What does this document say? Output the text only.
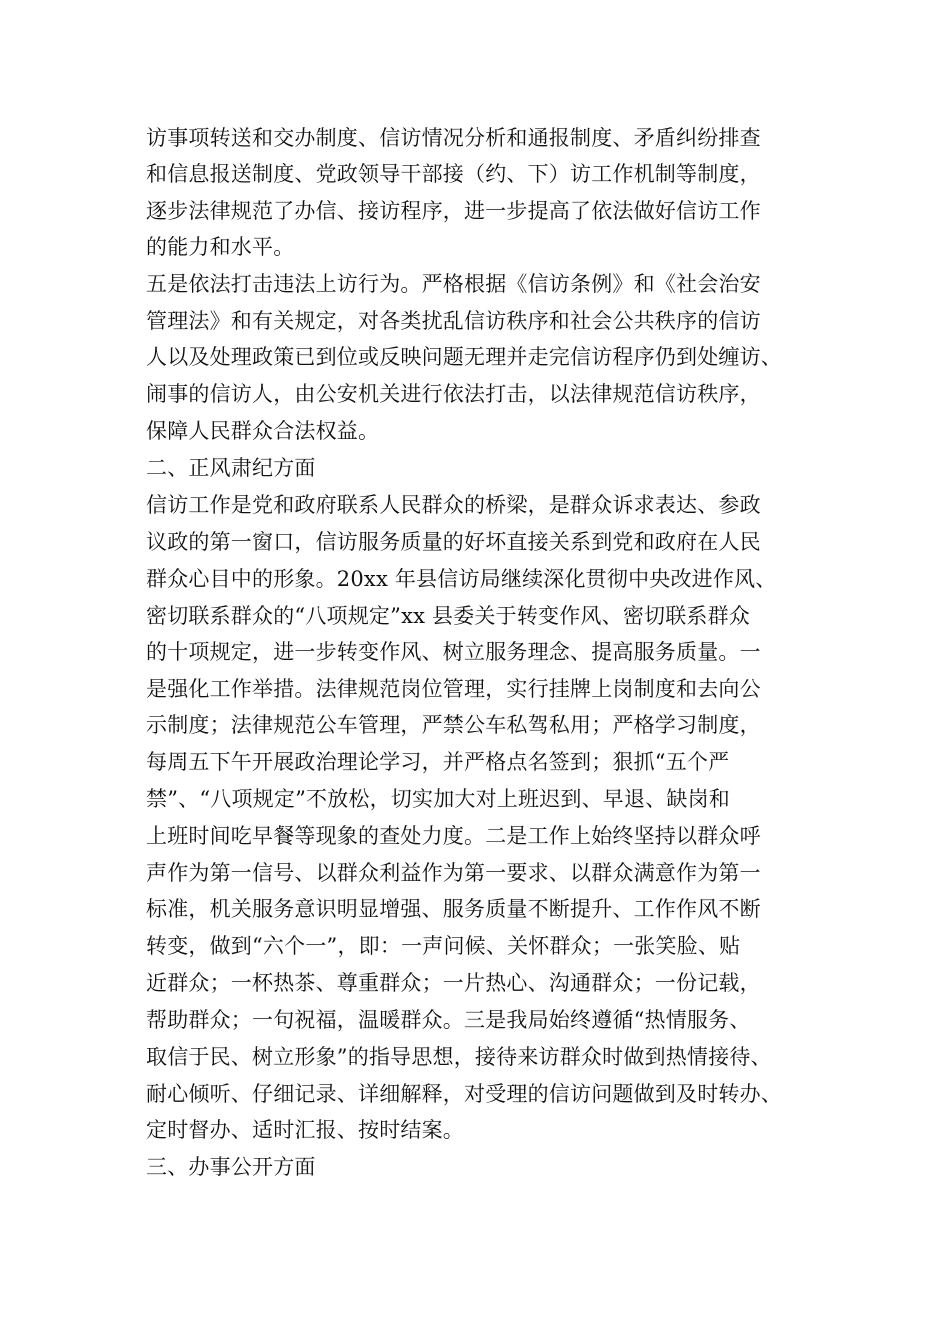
访事项转送和交办制度、信访情况分析和通报制度、矛盾纠纷排查
和信息报送制度、党政领导干部接（约、下）访工作机制等制度，
逐步法律规范了办信、接访程序，进一步提高了依法做好信访工作
的能力和水平。
五是依法打击违法上访行为。严格根据《信访条例》和《社会治安
管理法》和有关规定，对各类扰乱信访秩序和社会公共秩序的信访
人以及处理政策已到位或反映问题无理并走完信访程序仍到处缠访、
闹事的信访人，由公安机关进行依法打击，以法律规范信访秩序，
保障人民群众合法权益。
二、正风肃纪方面
信访工作是党和政府联系人民群众的桥梁，是群众诉求表达、参政
议政的第一窗口，信访服务质量的好坏直接关系到党和政府在人民
群众心目中的形象。20xx 年县信访局继续深化贯彻中央改进作风、
密切联系群众的“八项规定”xx 县委关于转变作风、密切联系群众
的十项规定，进一步转变作风、树立服务理念、提高服务质量。一
是强化工作举措。法律规范岗位管理，实行挂牌上岗制度和去向公
示制度；法律规范公车管理，严禁公车私驾私用；严格学习制度，
每周五下午开展政治理论学习，并严格点名签到；狠抓“五个严
禁”、“八项规定”不放松，切实加大对上班迟到、早退、缺岗和
上班时间吃早餐等现象的查处力度。二是工作上始终坚持以群众呼
声作为第一信号、以群众利益作为第一要求、以群众满意作为第一
标准，机关服务意识明显增强、服务质量不断提升、工作作风不断
转变，做到“六个一”，即：一声问候、关怀群众；一张笑脸、贴
近群众；一杯热茶、尊重群众；一片热心、沟通群众；一份记载，
帮助群众；一句祝福，温暖群众。三是我局始终遵循“热情服务、
取信于民、树立形象”的指导思想，接待来访群众时做到热情接待、
耐心倾听、仔细记录、详细解释，对受理的信访问题做到及时转办、
定时督办、适时汇报、按时结案。
三、办事公开方面
